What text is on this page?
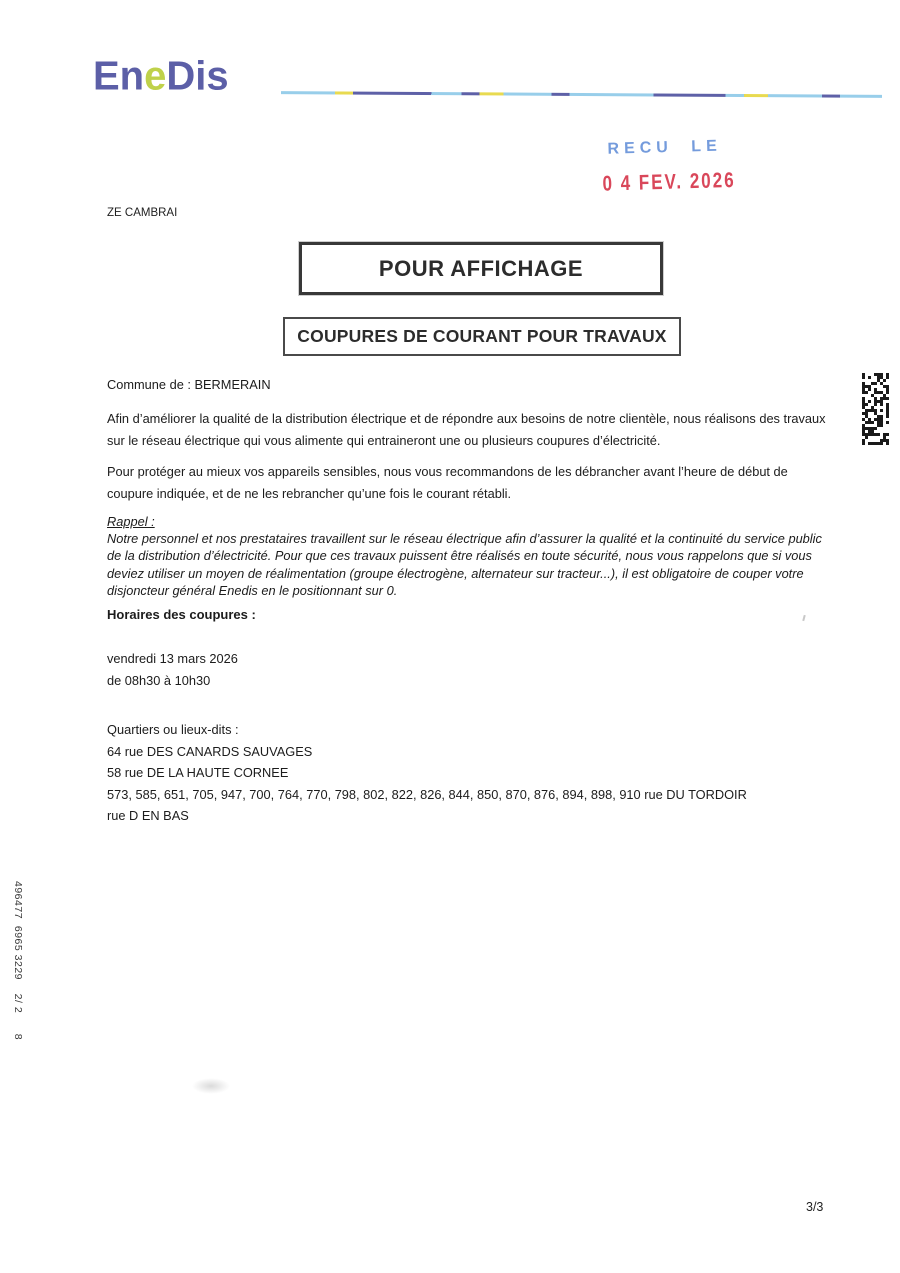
EneDis
RECU LE
0 4 FEV. 2026
ZE CAMBRAI
POUR AFFICHAGE
COUPURES DE COURANT POUR TRAVAUX
Commune de : BERMERAIN
Afin d’améliorer la qualité de la distribution électrique et de répondre aux besoins de notre clientèle, nous réalisons des travaux sur le réseau électrique qui vous alimente qui entraineront une ou plusieurs coupures d’électricité.
Pour protéger au mieux vos appareils sensibles, nous vous recommandons de les débrancher avant l’heure de début de coupure indiquée, et de ne les rebrancher qu’une fois le courant rétabli.
Rappel :
Notre personnel et nos prestataires travaillent sur le réseau électrique afin d’assurer la qualité et la continuité du service public de la distribution d’électricité. Pour que ces travaux puissent être réalisés en toute sécurité, nous vous rappelons que si vous deviez utiliser un moyen de réalimentation (groupe électrogène, alternateur sur tracteur...), il est obligatoire de couper votre disjoncteur général Enedis en le positionnant sur 0.
Horaires des coupures :
vendredi 13 mars 2026
de 08h30 à 10h30
Quartiers ou lieux-dits :
64 rue DES CANARDS SAUVAGES
58 rue DE LA HAUTE CORNEE
573, 585, 651, 705, 947, 700, 764, 770, 798, 802, 822, 826, 844, 850, 870, 876, 894, 898, 910 rue DU TORDOIR
rue D EN BAS
496477  6965 3229    2/ 2      8
3/3
